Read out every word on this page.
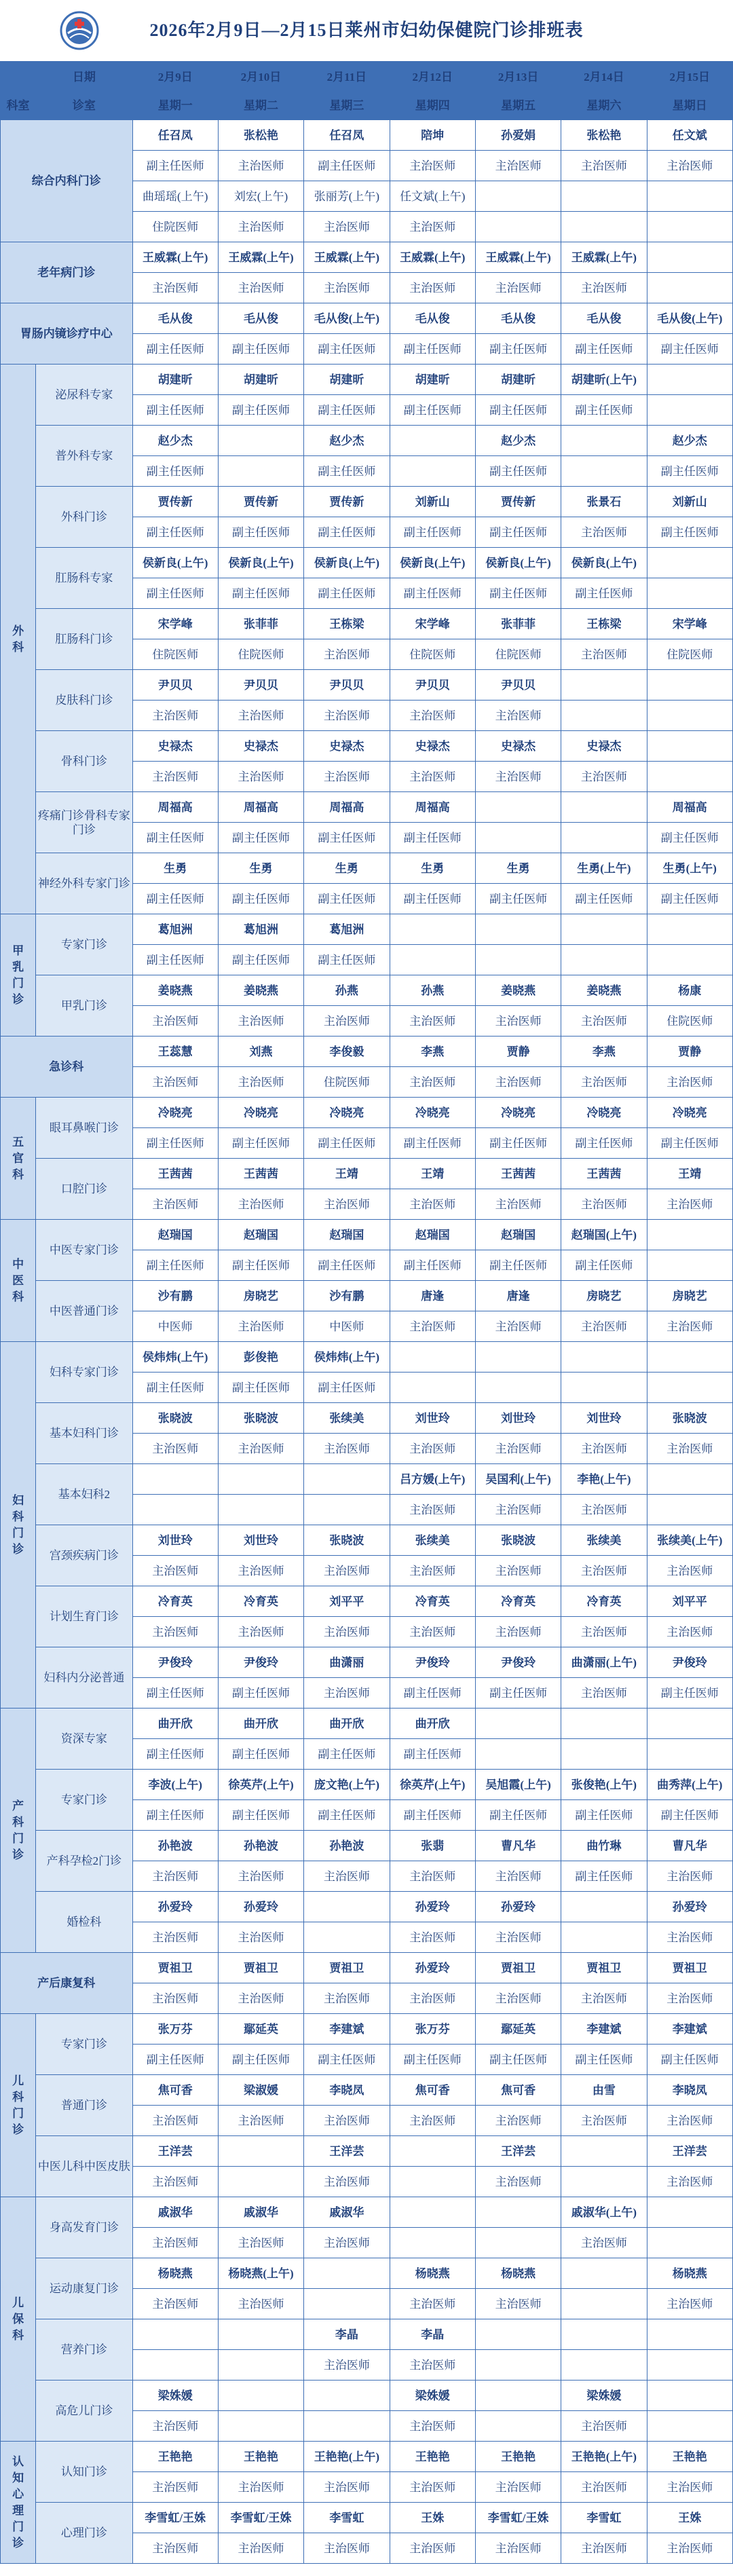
2026年2月9日—2月15日莱州市妇幼保健院门诊排班表
	日期	2月9日	2月10日	2月11日	2月12日	2月13日	2月14日	2月15日
科室	诊室	星期一	星期二	星期三	星期四	星期五	星期六	星期日
综合内科门诊		任召凤	张松艳	任召凤	陪坤	孙爱娟	张松艳	任文斌
		副主任医师	主治医师	副主任医师	主治医师	主治医师	主治医师	主治医师
		曲瑶瑶(上午)	刘宏(上午)	张丽芳(上午)	任文斌(上午)			
		住院医师	主治医师	主治医师	主治医师			
老年病门诊		王威霖(上午)	王威霖(上午)	王威霖(上午)	王威霖(上午)	王威霖(上午)	王威霖(上午)	
		主治医师	主治医师	主治医师	主治医师	主治医师	主治医师	
胃肠内镜诊疗中心		毛从俊	毛从俊	毛从俊(上午)	毛从俊	毛从俊	毛从俊	毛从俊(上午)
		副主任医师	副主任医师	副主任医师	副主任医师	副主任医师	副主任医师	副主任医师
外科	泌尿科专家	胡建昕	胡建昕	胡建昕	胡建昕	胡建昕	胡建昕(上午)	
		副主任医师	副主任医师	副主任医师	副主任医师	副主任医师	副主任医师	
	普外科专家	赵少杰		赵少杰		赵少杰		赵少杰
		副主任医师		副主任医师		副主任医师		副主任医师
	外科门诊	贾传新	贾传新	贾传新	刘新山	贾传新	张景石	刘新山
		副主任医师	副主任医师	副主任医师	副主任医师	副主任医师	主治医师	副主任医师
	肛肠科专家	侯新良(上午)	侯新良(上午)	侯新良(上午)	侯新良(上午)	侯新良(上午)	侯新良(上午)	
		副主任医师	副主任医师	副主任医师	副主任医师	副主任医师	副主任医师	
	肛肠科门诊	宋学峰	张菲菲	王栋梁	宋学峰	张菲菲	王栋梁	宋学峰
		住院医师	住院医师	主治医师	住院医师	住院医师	主治医师	住院医师
	皮肤科门诊	尹贝贝	尹贝贝	尹贝贝	尹贝贝	尹贝贝		
		主治医师	主治医师	主治医师	主治医师	主治医师		
	骨科门诊	史禄杰	史禄杰	史禄杰	史禄杰	史禄杰	史禄杰	
		主治医师	主治医师	主治医师	主治医师	主治医师	主治医师	
	疼痛门诊骨科专家门诊	周福高	周福高	周福高	周福高			周福高
		副主任医师	副主任医师	副主任医师	副主任医师			副主任医师
	神经外科专家门诊	生勇	生勇	生勇	生勇	生勇	生勇(上午)	生勇(上午)
		副主任医师	副主任医师	副主任医师	副主任医师	副主任医师	副主任医师	副主任医师
甲乳门诊	专家门诊	葛旭洲	葛旭洲	葛旭洲				
		副主任医师	副主任医师	副主任医师				
	甲乳门诊	姜晓燕	姜晓燕	孙燕	孙燕	姜晓燕	姜晓燕	杨康
		主治医师	主治医师	主治医师	主治医师	主治医师	主治医师	住院医师
急诊科		王蕊慧	刘燕	李俊毅	李燕	贾静	李燕	贾静
		主治医师	主治医师	住院医师	主治医师	主治医师	主治医师	主治医师
五官科	眼耳鼻喉门诊	冷晓亮	冷晓亮	冷晓亮	冷晓亮	冷晓亮	冷晓亮	冷晓亮
		副主任医师	副主任医师	副主任医师	副主任医师	副主任医师	副主任医师	副主任医师
	口腔门诊	王茜茜	王茜茜	王靖	王靖	王茜茜	王茜茜	王靖
		主治医师	主治医师	主治医师	主治医师	主治医师	主治医师	主治医师
中医科	中医专家门诊	赵瑞国	赵瑞国	赵瑞国	赵瑞国	赵瑞国	赵瑞国(上午)	
		副主任医师	副主任医师	副主任医师	副主任医师	副主任医师	副主任医师	
	中医普通门诊	沙有鹏	房晓艺	沙有鹏	唐逢	唐逢	房晓艺	房晓艺
		中医师	主治医师	中医师	主治医师	主治医师	主治医师	主治医师
妇科门诊	妇科专家门诊	侯炜炜(上午)	彭俊艳	侯炜炜(上午)				
		副主任医师	副主任医师	副主任医师				
	基本妇科门诊	张晓波	张晓波	张续美	刘世玲	刘世玲	刘世玲	张晓波
		主治医师	主治医师	主治医师	主治医师	主治医师	主治医师	主治医师
	基本妇科2				吕方媛(上午)	吴国利(上午)	李艳(上午)	
					主治医师	主治医师	主治医师	
	宫颈疾病门诊	刘世玲	刘世玲	张晓波	张续美	张晓波	张续美	张续美(上午)
		主治医师	主治医师	主治医师	主治医师	主治医师	主治医师	主治医师
	计划生育门诊	冷育英	冷育英	刘平平	冷育英	冷育英	冷育英	刘平平
		主治医师	主治医师	主治医师	主治医师	主治医师	主治医师	主治医师
	妇科内分泌普通	尹俊玲	尹俊玲	曲潇丽	尹俊玲	尹俊玲	曲潇丽(上午)	尹俊玲
		副主任医师	副主任医师	主治医师	副主任医师	副主任医师	主治医师	副主任医师
产科门诊	资深专家	曲开欣	曲开欣	曲开欣	曲开欣			
		副主任医师	副主任医师	副主任医师	副主任医师			
	专家门诊	李波(上午)	徐英芹(上午)	庞文艳(上午)	徐英芹(上午)	吴旭霞(上午)	张俊艳(上午)	曲秀萍(上午)
		副主任医师	副主任医师	副主任医师	副主任医师	副主任医师	副主任医师	副主任医师
	产科孕检2门诊	孙艳波	孙艳波	孙艳波	张翡	曹凡华	曲竹琳	曹凡华
		主治医师	主治医师	主治医师	主治医师	主治医师	副主任医师	主治医师
	婚检科	孙爱玲	孙爱玲		孙爱玲	孙爱玲		孙爱玲
		主治医师	主治医师		主治医师	主治医师		主治医师
产后康复科		贾祖卫	贾祖卫	贾祖卫	孙爱玲	贾祖卫	贾祖卫	贾祖卫
		主治医师	主治医师	主治医师	主治医师	主治医师	主治医师	主治医师
儿科门诊	专家门诊	张万芬	鄢延英	李建斌	张万芬	鄢延英	李建斌	李建斌
		副主任医师	副主任医师	副主任医师	副主任医师	副主任医师	副主任医师	副主任医师
	普通门诊	焦可香	梁淑媛	李晓凤	焦可香	焦可香	由雪	李晓凤
		主治医师	主治医师	主治医师	主治医师	主治医师	主治医师	主治医师
	中医儿科中医皮肤	王洋芸		王洋芸		王洋芸		王洋芸
		主治医师		主治医师		主治医师		主治医师
儿保科	身高发育门诊	戚淑华	戚淑华	戚淑华			戚淑华(上午)	
		主治医师	主治医师	主治医师			主治医师	
	运动康复门诊	杨晓燕	杨晓燕(上午)		杨晓燕	杨晓燕		杨晓燕
		主治医师	主治医师		主治医师	主治医师		主治医师
	营养门诊			李晶	李晶			
				主治医师	主治医师			
	高危儿门诊	梁姝媛			梁姝媛		梁姝媛	
		主治医师			主治医师		主治医师	
认知心理门诊	认知门诊	王艳艳	王艳艳	王艳艳(上午)	王艳艳	王艳艳	王艳艳(上午)	王艳艳
		主治医师	主治医师	主治医师	主治医师	主治医师	主治医师	主治医师
	心理门诊	李雪虹/王姝	李雪虹/王姝	李雪虹	王姝	李雪虹/王姝	李雪虹	王姝
		主治医师	主治医师	主治医师	主治医师	主治医师	主治医师	主治医师
